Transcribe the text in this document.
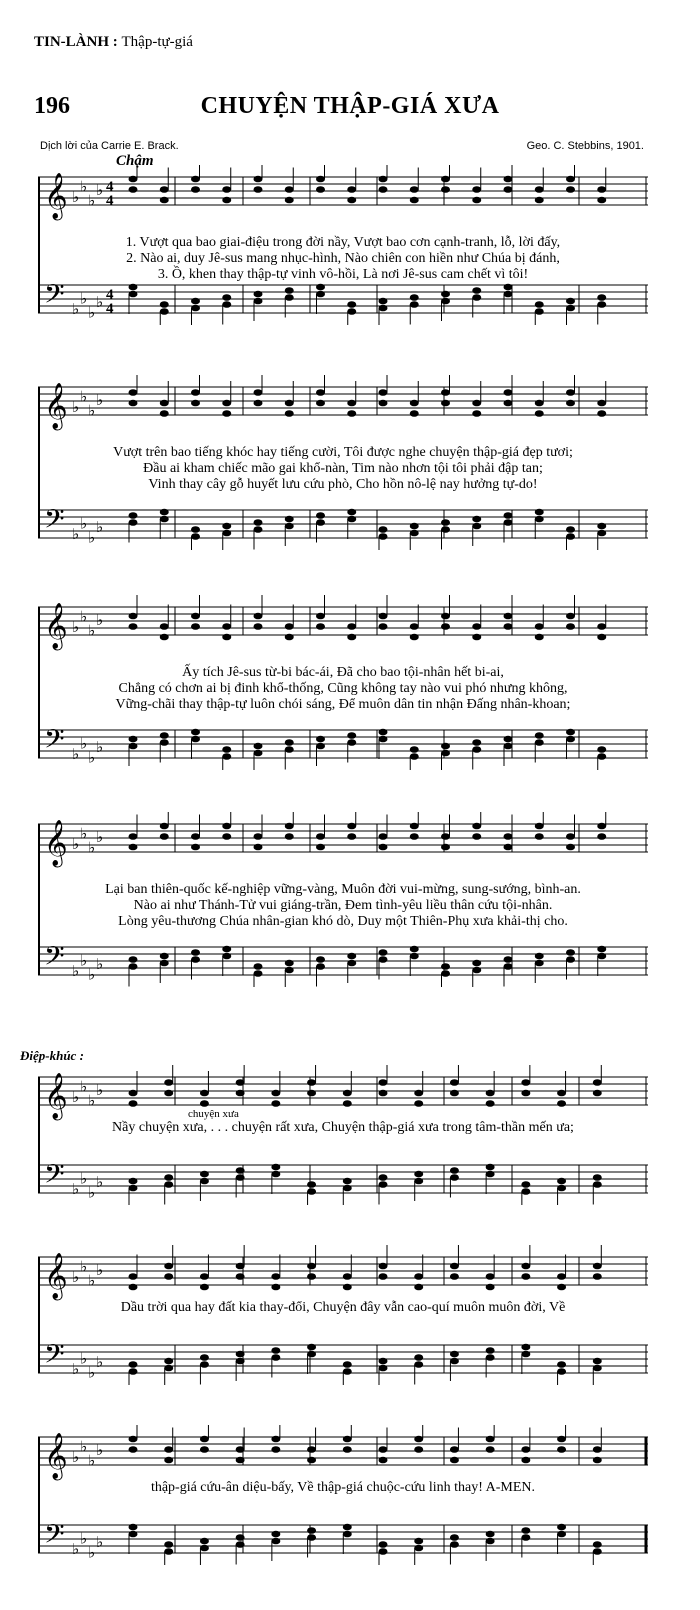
TIN-LÀNH : Thập-tự-giá
196	CHUYỆN THẬP-GIÁ XƯA
Dịch lời của Carrie E. Brack.	Geo. C. Stebbins, 1901.
Chậm
Điệp-khúc :
chuyện xưa
𝄞
𝄢
♭
♭
♭
♭
♭
♭
♭
♭
4
4
4
4
1. Vượt qua bao giai-điệu trong đời nầy, Vượt bao cơn cạnh-tranh, lỗ, lời đấy,
2. Nào ai, duy Jê-sus mang nhục-hình, Nào chiên con hiền như Chúa bị đánh,
3. Ồ, khen thay thập-tự vinh vô-hồi, Là nơi Jê-sus cam chết vì tôi!
𝄞
𝄢
♭
♭
♭
♭
♭
♭
♭
♭
Vượt trên bao tiếng khóc hay tiếng cười, Tôi được nghe chuyện thập-giá đẹp tươi;
Đầu ai kham chiếc mão gai khổ-nàn, Tim nào nhơn tội tôi phải đập tan;
Vinh thay cây gỗ huyết lưu cứu phò, Cho hồn nô-lệ nay hưởng tự-do!
𝄞
𝄢
♭
♭
♭
♭
♭
♭
♭
♭
Ấy tích Jê-sus từ-bi bác-ái, Đã cho bao tội-nhân hết bi-ai,
Chẳng có chơn ai bị đinh khổ-thống, Cũng không tay nào vui phó nhưng không,
Vững-chãi thay thập-tự luôn chói sáng, Để muôn dân tin nhận Đấng nhân-khoan;
𝄞
𝄢
♭
♭
♭
♭
♭
♭
♭
♭
Lại ban thiên-quốc kế-nghiệp vững-vàng, Muôn đời vui-mừng, sung-sướng, bình-an.
Nào ai như Thánh-Tử vui giáng-trần, Đem tình-yêu liều thân cứu tội-nhân.
Lòng yêu-thương Chúa nhân-gian khó dò, Duy một Thiên-Phụ xưa khải-thị cho.
𝄞
𝄢
♭
♭
♭
♭
♭
♭
♭
♭
Nầy chuyện xưa, . . . chuyện rất xưa, Chuyện thập-giá xưa trong tâm-thần mến ưa;
𝄞
𝄢
♭
♭
♭
♭
♭
♭
♭
♭
Dầu trời qua hay đất kia thay-đổi, Chuyện đây vẫn cao-quí muôn muôn đời, Về
𝄞
𝄢
♭
♭
♭
♭
♭
♭
♭
♭
thập-giá cứu-ân diệu-bấy, Về thập-giá chuộc-cứu linh thay! A-MEN.
